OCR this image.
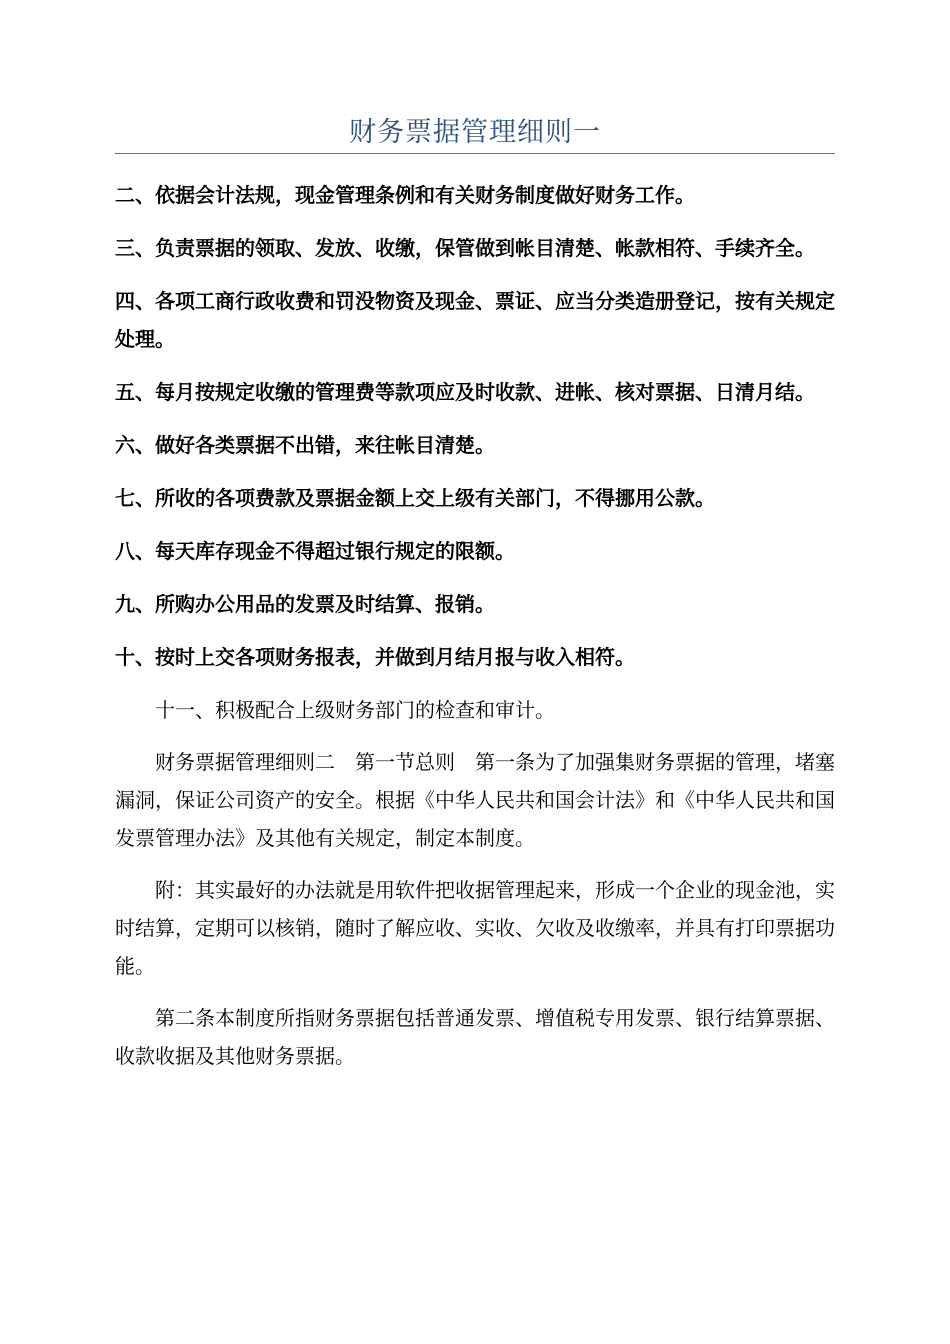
财务票据管理细则一

二、依据会计法规，现金管理条例和有关财务制度做好财务工作。

三、负责票据的领取、发放、收缴，保管做到帐目清楚、帐款相符、手续齐全。

四、各项工商行政收费和罚没物资及现金、票证、应当分类造册登记，按有关规定处理。

五、每月按规定收缴的管理费等款项应及时收款、进帐、核对票据、日清月结。

六、做好各类票据不出错，来往帐目清楚。

七、所收的各项费款及票据金额上交上级有关部门，不得挪用公款。

八、每天库存现金不得超过银行规定的限额。

九、所购办公用品的发票及时结算、报销。

十、按时上交各项财务报表，并做到月结月报与收入相符。

十一、积极配合上级财务部门的检查和审计。

财务票据管理细则二　第一节总则　第一条为了加强集财务票据的管理，堵塞漏洞，保证公司资产的安全。根据《中华人民共和国会计法》和《中华人民共和国发票管理办法》及其他有关规定，制定本制度。

附：其实最好的办法就是用软件把收据管理起来，形成一个企业的现金池，实时结算，定期可以核销，随时了解应收、实收、欠收及收缴率，并具有打印票据功能。

第二条本制度所指财务票据包括普通发票、增值税专用发票、银行结算票据、收款收据及其他财务票据。
